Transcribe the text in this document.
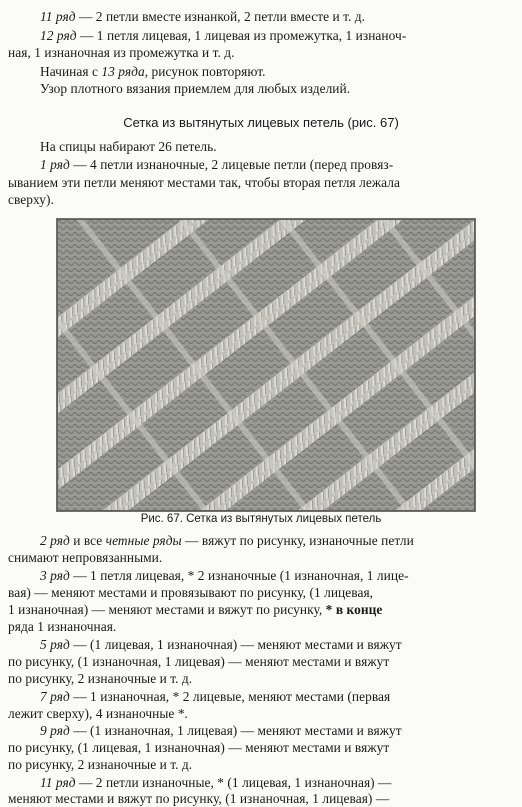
11 ряд — 2 петли вместе изнанкой, 2 петли вместе и т. д.
12 ряд — 1 петля лицевая, 1 лицевая из промежутка, 1 изнаноч-
ная, 1 изнаночная из промежутка и т. д.
Начиная с 13 ряда, рисунок повторяют.
Узор плотного вязания приемлем для любых изделий.
Сетка из вытянутых лицевых петель (рис. 67)
На спицы набирают 26 петель.
1 ряд — 4 петли изнаночные, 2 лицевые петли (перед провяз-
ыванием эти петли меняют местами так, чтобы вторая петля лежала
сверху).
Рис. 67. Сетка из вытянутых лицевых петель
2 ряд и все четные ряды — вяжут по рисунку, изнаночные петли
снимают непровязанными.
3 ряд — 1 петля лицевая, * 2 изнаночные (1 изнаночная, 1 лице-
вая) — меняют местами и провязывают по рисунку, (1 лицевая,
1 изнаночная) — меняют местами и вяжут по рисунку, * в конце
ряда 1 изнаночная.
5 ряд — (1 лицевая, 1 изнаночная) — меняют местами и вяжут
по рисунку, (1 изнаночная, 1 лицевая) — меняют местами и вяжут
по рисунку, 2 изнаночные и т. д.
7 ряд — 1 изнаночная, * 2 лицевые, меняют местами (первая
лежит сверху), 4 изнаночные *.
9 ряд — (1 изнаночная, 1 лицевая) — меняют местами и вяжут
по рисунку, (1 лицевая, 1 изнаночная) — меняют местами и вяжут
по рисунку, 2 изнаночные и т. д.
11 ряд — 2 петли изнаночные, * (1 лицевая, 1 изнаночная) —
меняют местами и вяжут по рисунку, (1 изнаночная, 1 лицевая) —
